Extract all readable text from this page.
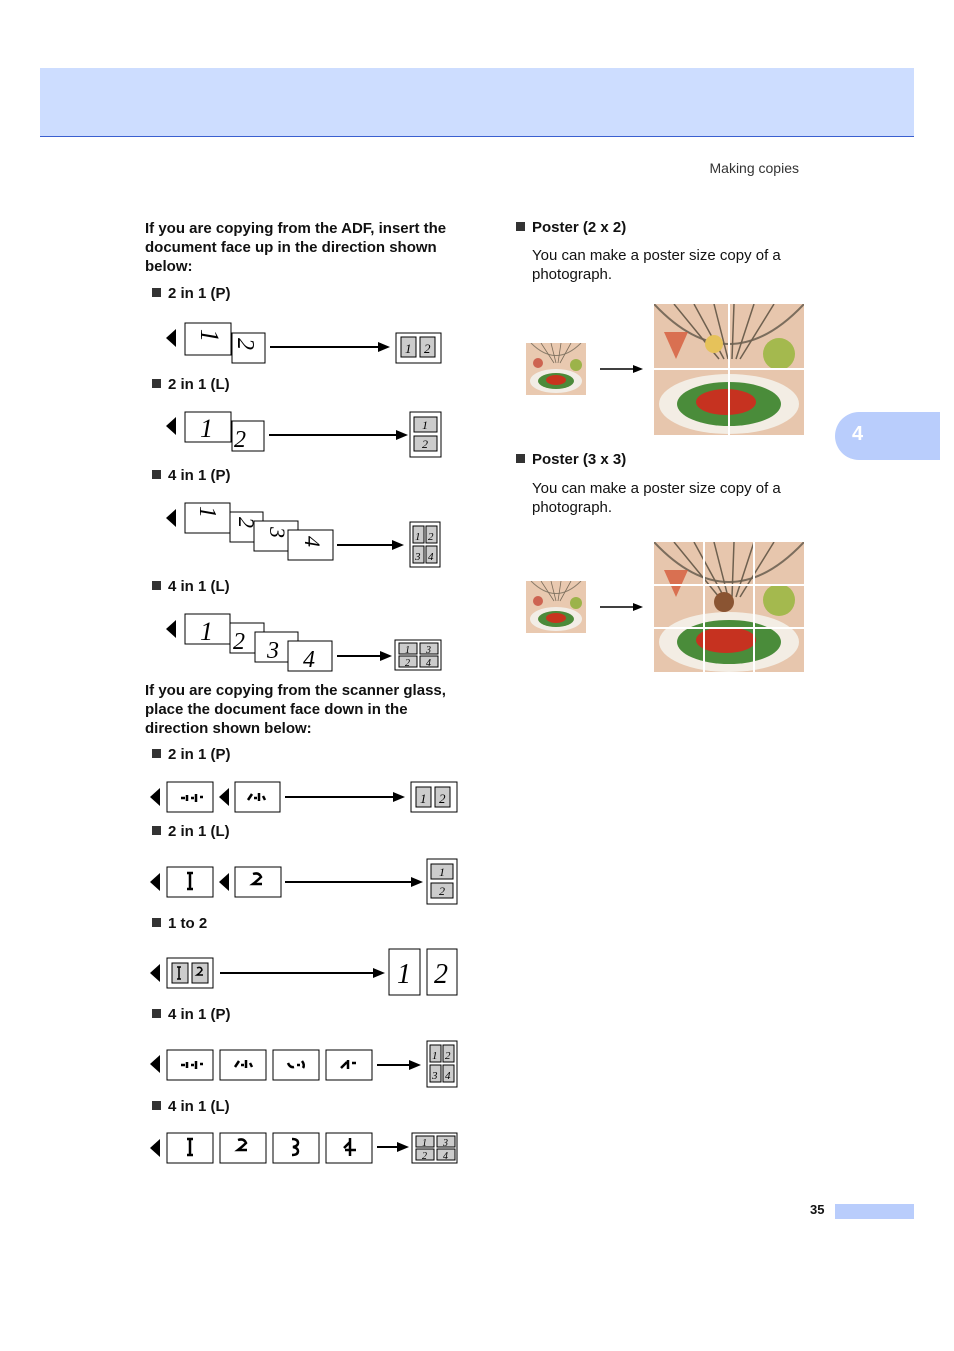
Making copies
4
If you are copying from the ADF, insert the document face up in the direction shown below:
2 in 1 (P)
1
2	1 2
2 in 1 (L)
1 2
1
2
4 in 1 (P)
1
2
3
4	1 2
3 4
4 in 1 (L)
1 2 3 4	1 3
2 4
If you are copying from the scanner glass, place the document face down in the direction shown below:
2 in 1 (P)
1 2
2 in 1 (L)
1
2
1 to 2
1 2
4 in 1 (P)
1 2
3 4
4 in 1 (L)
1 3
2 4
Poster (2 x 2)
You can make a poster size copy of a photograph.
Poster (3 x 3)
You can make a poster size copy of a photograph.
35
